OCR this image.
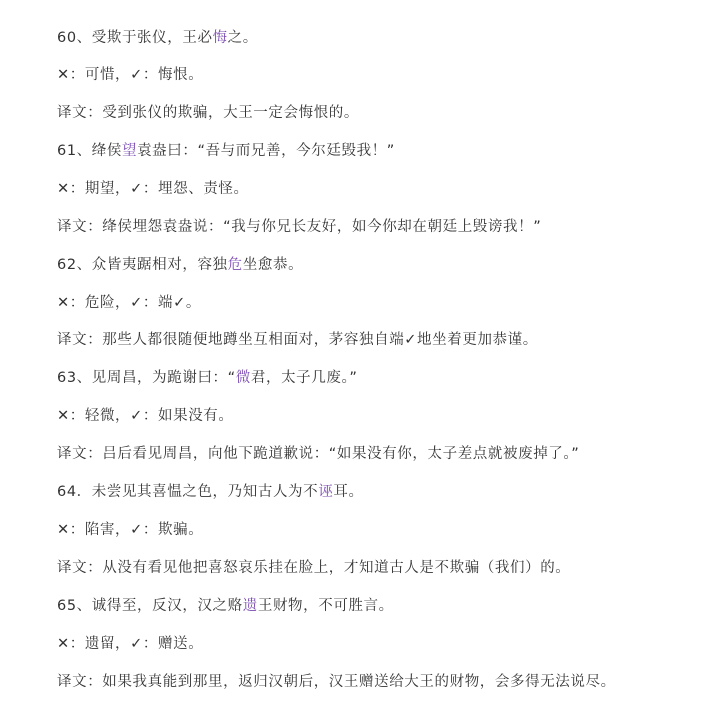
60、受欺于张仪，王必悔之。
✕：可惜，✓：悔恨。
译文：受到张仪的欺骗，大王一定会悔恨的。
61、绛侯望袁盎曰：“吾与而兄善，今尔廷毁我！”
✕：期望，✓：埋怨、责怪。
译文：绛侯埋怨袁盎说：“我与你兄长友好，如今你却在朝廷上毁谤我！”
62、众皆夷踞相对，容独危坐愈恭。
✕：危险，✓：端✓。
译文：那些人都很随便地蹲坐互相面对，茅容独自端✓地坐着更加恭谨。
63、见周昌，为跪谢曰：“微君，太子几废。”
✕：轻微，✓：如果没有。
译文：吕后看见周昌，向他下跪道歉说：“如果没有你，太子差点就被废掉了。”
64．未尝见其喜愠之色，乃知古人为不诬耳。
✕：陷害，✓：欺骗。
译文：从没有看见他把喜怒哀乐挂在脸上，才知道古人是不欺骗（我们）的。
65、诚得至，反汉，汉之赂遗王财物，不可胜言。
✕：遗留，✓：赠送。
译文：如果我真能到那里，返归汉朝后，汉王赠送给大王的财物，会多得无法说尽。
